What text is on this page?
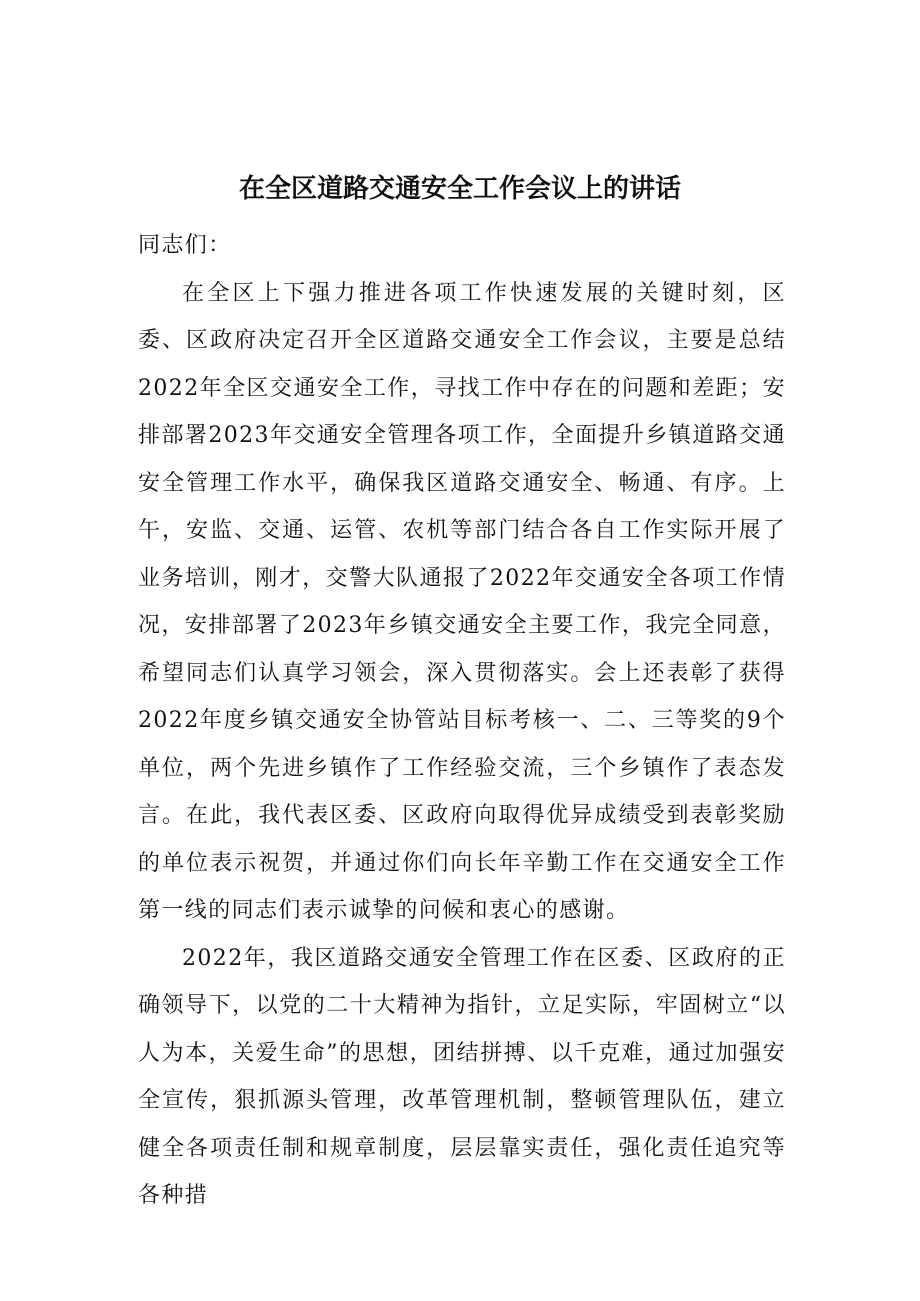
在全区道路交通安全工作会议上的讲话

同志们：

在全区上下强力推进各项工作快速发展的关键时刻，区委、区政府决定召开全区道路交通安全工作会议，主要是总结2022年全区交通安全工作，寻找工作中存在的问题和差距；安排部署2023年交通安全管理各项工作，全面提升乡镇道路交通安全管理工作水平，确保我区道路交通安全、畅通、有序。上午，安监、交通、运管、农机等部门结合各自工作实际开展了业务培训，刚才，交警大队通报了2022年交通安全各项工作情况，安排部署了2023年乡镇交通安全主要工作，我完全同意，希望同志们认真学习领会，深入贯彻落实。会上还表彰了获得2022年度乡镇交通安全协管站目标考核一、二、三等奖的9个单位，两个先进乡镇作了工作经验交流，三个乡镇作了表态发言。在此，我代表区委、区政府向取得优异成绩受到表彰奖励的单位表示祝贺，并通过你们向长年辛勤工作在交通安全工作第一线的同志们表示诚挚的问候和衷心的感谢。

2022年，我区道路交通安全管理工作在区委、区政府的正确领导下，以党的二十大精神为指针，立足实际，牢固树立“以人为本，关爱生命”的思想，团结拼搏、以千克难，通过加强安全宣传，狠抓源头管理，改革管理机制，整顿管理队伍，建立健全各项责任制和规章制度，层层靠实责任，强化责任追究等各种措
